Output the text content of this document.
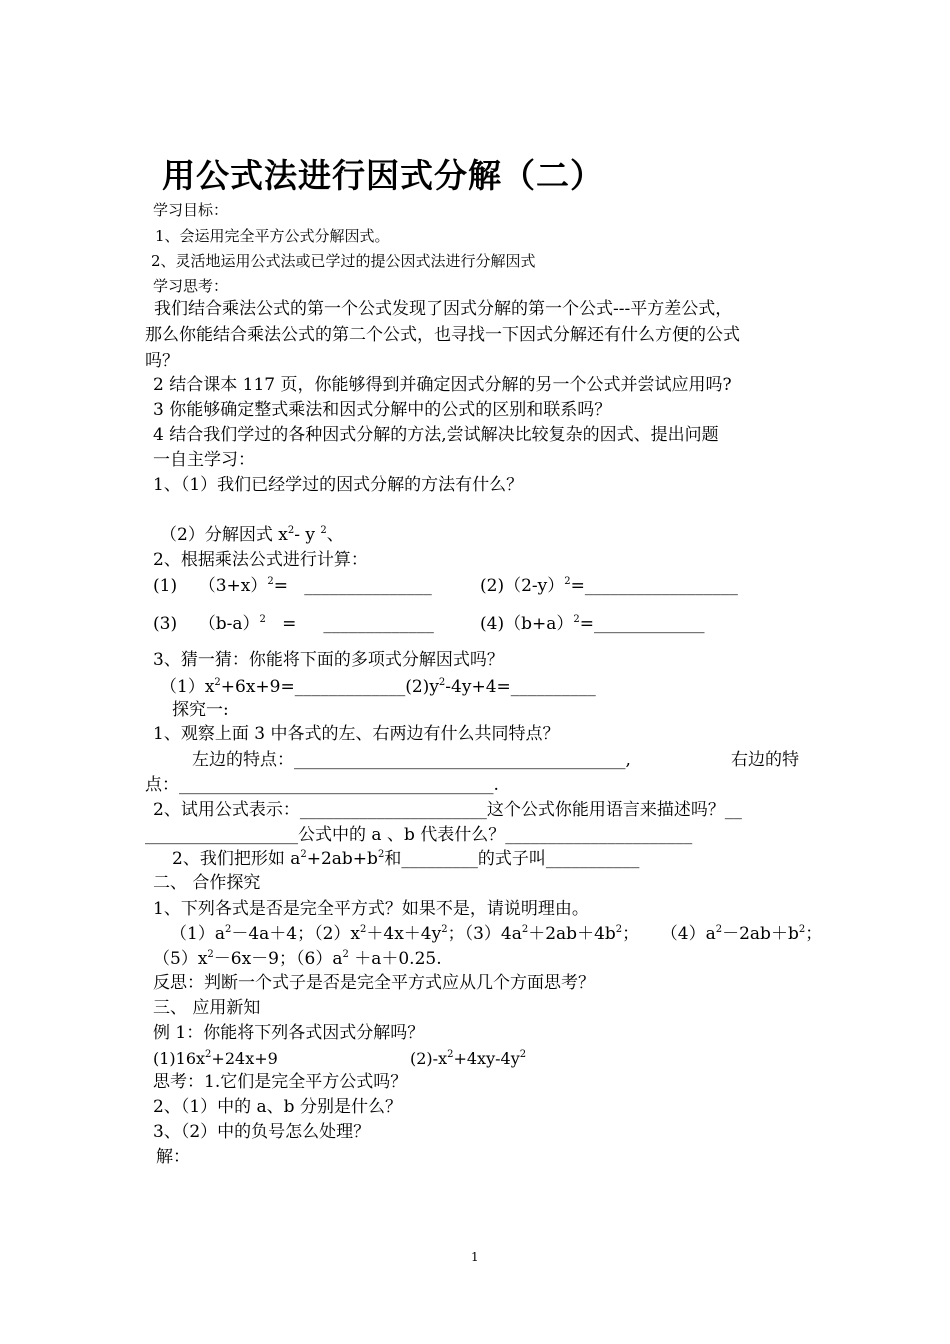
用公式法进行因式分解（二）
学习目标：
1、会运用完全平方公式分解因式。
2、灵活地运用公式法或已学过的提公因式法进行分解因式
学习思考：
我们结合乘法公式的第一个公式发现了因式分解的第一个公式---平方差公式，
那么你能结合乘法公式的第二个公式，也寻找一下因式分解还有什么方便的公式
吗？
2 结合课本 117 页，你能够得到并确定因式分解的另一个公式并尝试应用吗?
3 你能够确定整式乘法和因式分解中的公式的区别和联系吗？
4 结合我们学过的各种因式分解的方法,尝试解决比较复杂的因式、提出问题
一自主学习：
1、（1）我们已经学过的因式分解的方法有什么？
（2）分解因式 $x^2-$ y $^2$、
2、根据乘法公式进行计算：
(1) $(3+x)^2=$ _______________	$(2)(2-y)^2=\_\_\_\_\_\_\_\_\_\_\_\_\_\_\_\_\_\_$
(3) $(b-a)^2$ = _____________	$(4)(b+a)^2=\_\_\_\_\_\_\_\_\_\_\_\_\_$
3、猜一猜：你能将下面的多项式分解因式吗？
$(1)x^2+6x+9=\_\_\_\_\_\_\_\_\_\_\_\_\_(2)y^2-4y+4=\_\_\_\_\_\_\_\_\_\_$
探究一:
1、观察上面 3 中各式的左、右两边有什么共同特点？
左边的特点：_______________________________________,	右边的特
点：_____________________________________.
2、试用公式表示：______________________这个公式你能用语言来描述吗？__
__________________公式中的 a 、b 代表什么？______________________
2、我们把形如 $a^2+2ab+b^2$和_________的式子叫___________
二、 合作探究
1、下列各式是否是完全平方式？如果不是，请说明理由。
$(1)a^2-4a+4$；$(2)x^2+4x+4y^2$；$(3)4a^2+2ab+4b^2$；    $(4)a^2-2ab+b^2$；
$(5)x^2-6x-9$；$(6)a^2 +a+0.25$.
反思：判断一个式子是否是完全平方式应从几个方面思考？
三、 应用新知
例 1：你能将下列各式因式分解吗？
$(1)16x^2+24x+9$	$(2)-x^2+4xy-4y^2$
思考：1.它们是完全平方公式吗？
2、（1）中的 a、b 分别是什么？
3、（2）中的负号怎么处理？
解：
1
